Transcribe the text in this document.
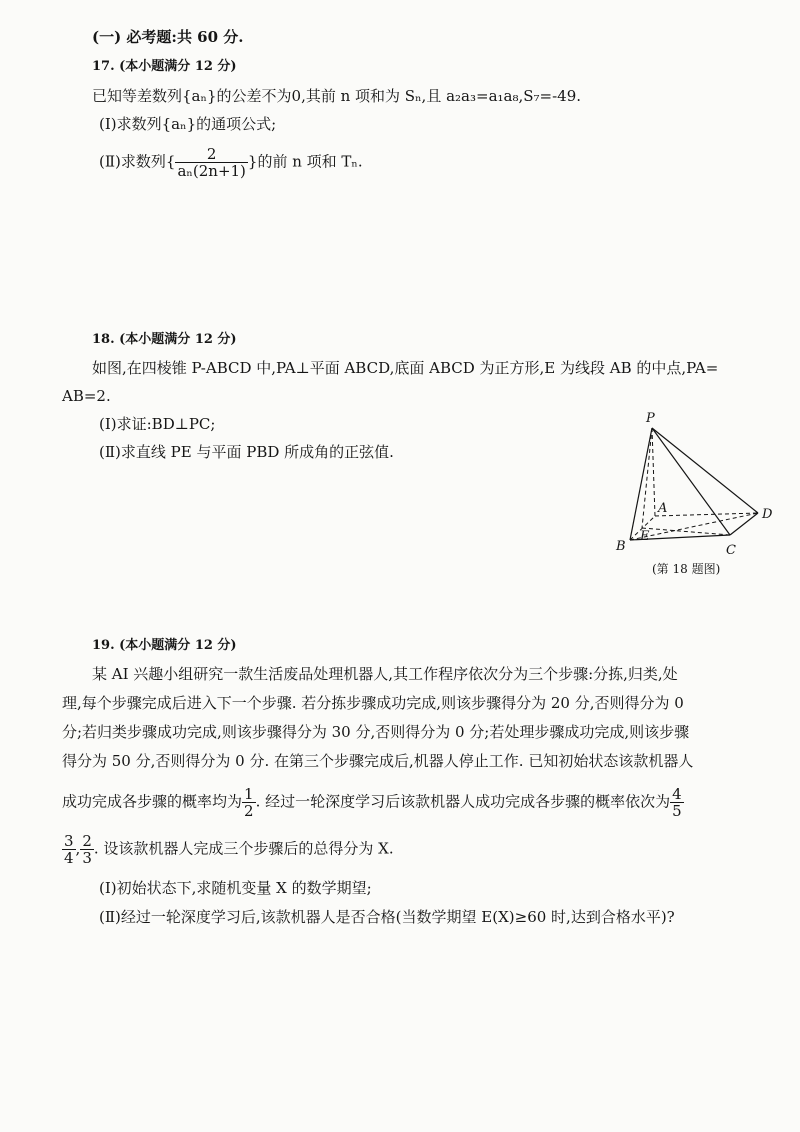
(一) 必考题:共 60 分.
17. (本小题满分 12 分)
已知等差数列{aₙ}的公差不为0,其前 n 项和为 Sₙ,且 a₂a₃=a₁a₈,S₇=-49.
(Ⅰ)求数列{aₙ}的通项公式;
(Ⅱ)求数列{ $\frac{2}{\text{aₙ(2n+1)}}$ }的前 n 项和 Tₙ.
18. (本小题满分 12 分)
如图,在四棱锥 P-ABCD 中,PA⊥平面 ABCD,底面 ABCD 为正方形,E 为线段 AB 的中点,PA=
AB=2.
(Ⅰ)求证:BD⊥PC;
(Ⅱ)求直线 PE 与平面 PBD 所成角的正弦值.
P
A
B	C
D
E
(第 18 题图)
19. (本小题满分 12 分)
某 AI 兴趣小组研究一款生活废品处理机器人,其工作程序依次分为三个步骤:分拣,归类,处
理,每个步骤完成后进入下一个步骤. 若分拣步骤成功完成,则该步骤得分为 20 分,否则得分为 0
分;若归类步骤成功完成,则该步骤得分为 30 分,否则得分为 0 分;若处理步骤成功完成,则该步骤
得分为 50 分,否则得分为 0 分. 在第三个步骤完成后,机器人停止工作. 已知初始状态该款机器人
成功完成各步骤的概率均为 $\frac{1}{2}$ . 经过一轮深度学习后该款机器人成功完成各步骤的概率依次为 $\frac{4}{5}$
$\frac{3}{4}$ , $\frac{2}{3}$ . 设该款机器人完成三个步骤后的总得分为 X.
(Ⅰ)初始状态下,求随机变量 X 的数学期望;
(Ⅱ)经过一轮深度学习后,该款机器人是否合格(当数学期望 E(X)≥60 时,达到合格水平)?
